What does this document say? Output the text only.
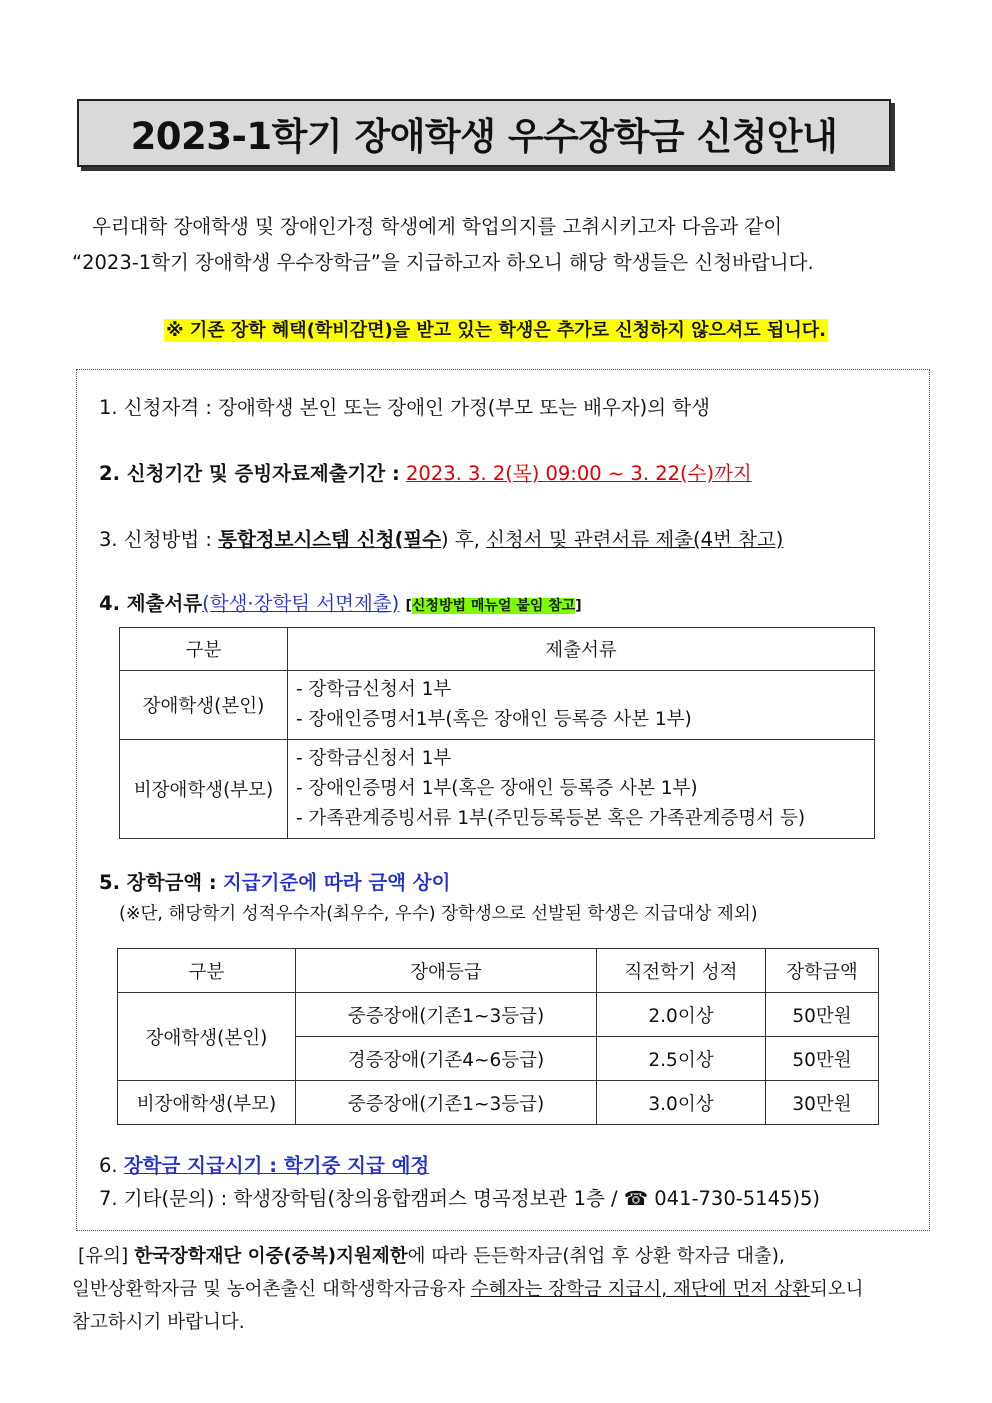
2023-1학기 장애학생 우수장학금 신청안내

우리대학 장애학생 및 장애인가정 학생에게 학업의지를 고취시키고자 다음과 같이

“2023-1학기 장애학생 우수장학금”을 지급하고자 하오니 해당 학생들은 신청바랍니다.

※ 기존 장학 혜택(학비감면)을 받고 있는 학생은 추가로 신청하지 않으셔도 됩니다.
1. 신청자격 : 장애학생 본인 또는 장애인 가정(부모 또는 배우자)의 학생
2. 신청기간 및 증빙자료제출기간 : 2023. 3. 2(목) 09:00 ~ 3. 22(수)까지
3. 신청방법 : 통합정보시스템 신청(필수) 후, 신청서 및 관련서류 제출(4번 참고)
4. 제출서류(학생·장학팀 서면제출) [신청방법 매뉴얼 붙임 참고]
구분	제출서류
장애학생(본인)	- 장학금신청서 1부
- 장애인증명서1부(혹은 장애인 등록증 사본 1부)

비장애학생(부모)	- 장학금신청서 1부
- 장애인증명서 1부(혹은 장애인 등록증 사본 1부)
- 가족관계증빙서류 1부(주민등록등본 혹은 가족관계증명서 등)
5. 장학금액 : 지급기준에 따라 금액 상이
(※단, 해당학기 성적우수자(최우수, 우수) 장학생으로 선발된 학생은 지급대상 제외)
구분	장애등급	직전학기 성적	장학금액
장애학생(본인)	중증장애(기존1~3등급)	2.0이상	50만원
	경증장애(기존4~6등급)	2.5이상	50만원
비장애학생(부모)	중증장애(기존1~3등급)	3.0이상	30만원
6. 장학금 지급시기 : 학기중 지급 예정
7. 기타(문의) : 학생장학팀(창의융합캠퍼스 명곡정보관 1층 / ☎ 041-730-5145)5)

[유의] 한국장학재단 이중(중복)지원제한에 따라 든든학자금(취업 후 상환 학자금 대출),

일반상환학자금 및 농어촌출신 대학생학자금융자 수혜자는 장학금 지급시, 재단에 먼저 상환되오니

참고하시기 바랍니다.
